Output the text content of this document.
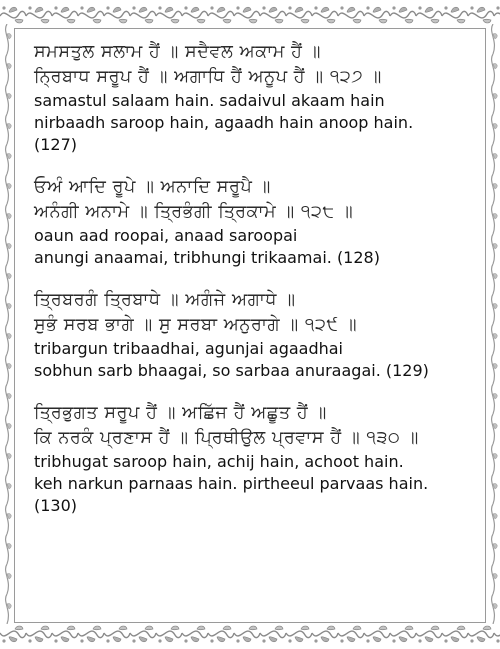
ਸਮਸਤੁਲ ਸਲਾਮ ਹੈਂ ॥ ਸਦੈਵਲ ਅਕਾਮ ਹੈਂ ॥
ਨ੍ਰਿਬਾਧ ਸਰੂਪ ਹੈਂ ॥ ਅਗਾਧਿ ਹੈਂ ਅਨੂਪ ਹੈਂ ॥ ੧੨੭ ॥
samastul salaam hain. sadaivul akaam hain
nirbaadh saroop hain, agaadh hain anoop hain.
(127)
ਓਅੰ ਆਦਿ ਰੂਪੇ ॥ ਅਨਾਦਿ ਸਰੂਪੈ ॥
ਅਨੰਗੀ ਅਨਾਮੇ ॥ ਤ੍ਰਿਭੰਗੀ ਤ੍ਰਿਕਾਮੇ ॥ ੧੨੮ ॥
oaun aad roopai, anaad saroopai
anungi anaamai, tribhungi trikaamai. (128)
ਤ੍ਰਿਬਰਗੰ ਤ੍ਰਿਬਾਧੇ ॥ ਅਗੰਜੇ ਅਗਾਧੇ ॥
ਸੁਭੰ ਸਰਬ ਭਾਗੇ ॥ ਸੁ ਸਰਬਾ ਅਨੁਰਾਗੇ ॥ ੧੨੯ ॥
tribargun tribaadhai, agunjai agaadhai
sobhun sarb bhaagai, so sarbaa anuraagai. (129)
ਤ੍ਰਿਭੁਗਤ ਸਰੂਪ ਹੈਂ ॥ ਅਛਿੱਜ ਹੈਂ ਅਛੂਤ ਹੈਂ ॥
ਕਿ ਨਰਕੰ ਪ੍ਰਣਾਸ ਹੈਂ ॥ ਪ੍ਰਿਥੀਉਲ ਪ੍ਰਵਾਸ ਹੈਂ ॥ ੧੩੦ ॥
tribhugat saroop hain, achij hain, achoot hain.
keh narkun parnaas hain. pirtheeul parvaas hain.
(130)
